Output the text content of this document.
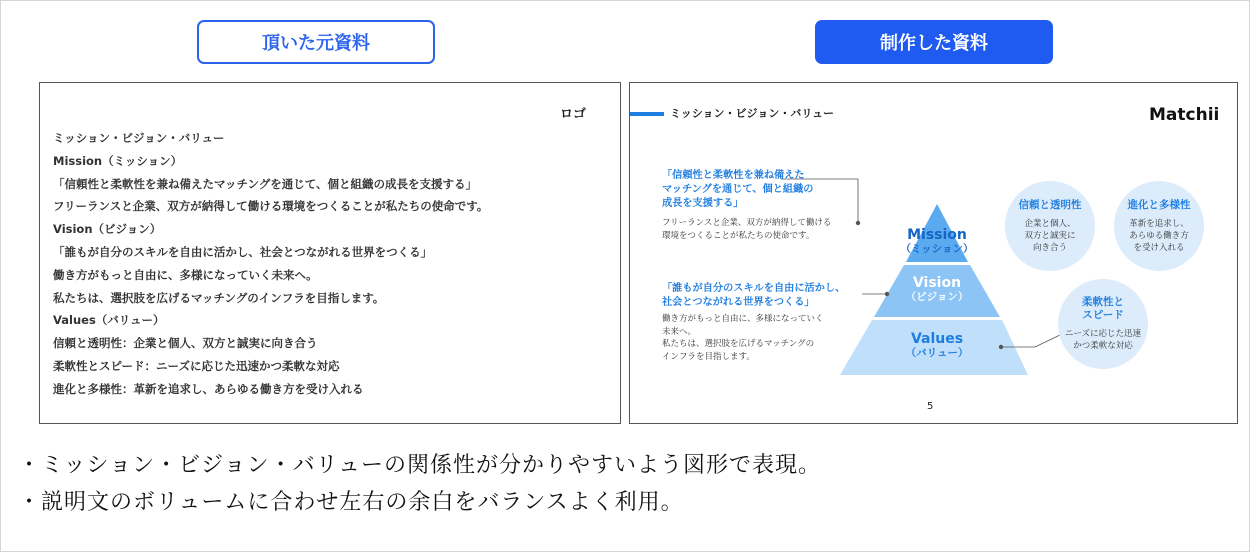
頂いた元資料	制作した資料
ロゴ
ミッション・ビジョン・バリュー
Mission（ミッション）
「信頼性と柔軟性を兼ね備えたマッチングを通じて、個と組織の成長を支援する」
フリーランスと企業、双方が納得して働ける環境をつくることが私たちの使命です。
Vision（ビジョン）
「誰もが自分のスキルを自由に活かし、社会とつながれる世界をつくる」
働き方がもっと自由に、多様になっていく未来へ。
私たちは、選択肢を広げるマッチングのインフラを目指します。
Values（バリュー）
信頼と透明性：企業と個人、双方と誠実に向き合う
柔軟性とスピード：ニーズに応じた迅速かつ柔軟な対応
進化と多様性：革新を追求し、あらゆる働き方を受け入れる
ミッション・ビジョン・バリュー	Matchii
「信頼性と柔軟性を兼ね備えた
マッチングを通じて、個と組織の
成長を支援する」
フリーランスと企業、双方が納得して働ける
環境をつくることが私たちの使命です。
「誰もが自分のスキルを自由に活かし、
社会とつながれる世界をつくる」
働き方がもっと自由に、多様になっていく
未来へ。
私たちは、選択肢を広げるマッチングの
インフラを目指します。
Mission
（ミッション）
Vision
（ビジョン）
Values
（バリュー）
信頼と透明性
企業と個人、
双方と誠実に
向き合う
進化と多様性
革新を追求し、
あらゆる働き方
を受け入れる
柔軟性と
スピード
ニーズに応じた迅速
かつ柔軟な対応
5
・ミッション・ビジョン・バリューの関係性が分かりやすいよう図形で表現。
・説明文のボリュームに合わせ左右の余白をバランスよく利用。
